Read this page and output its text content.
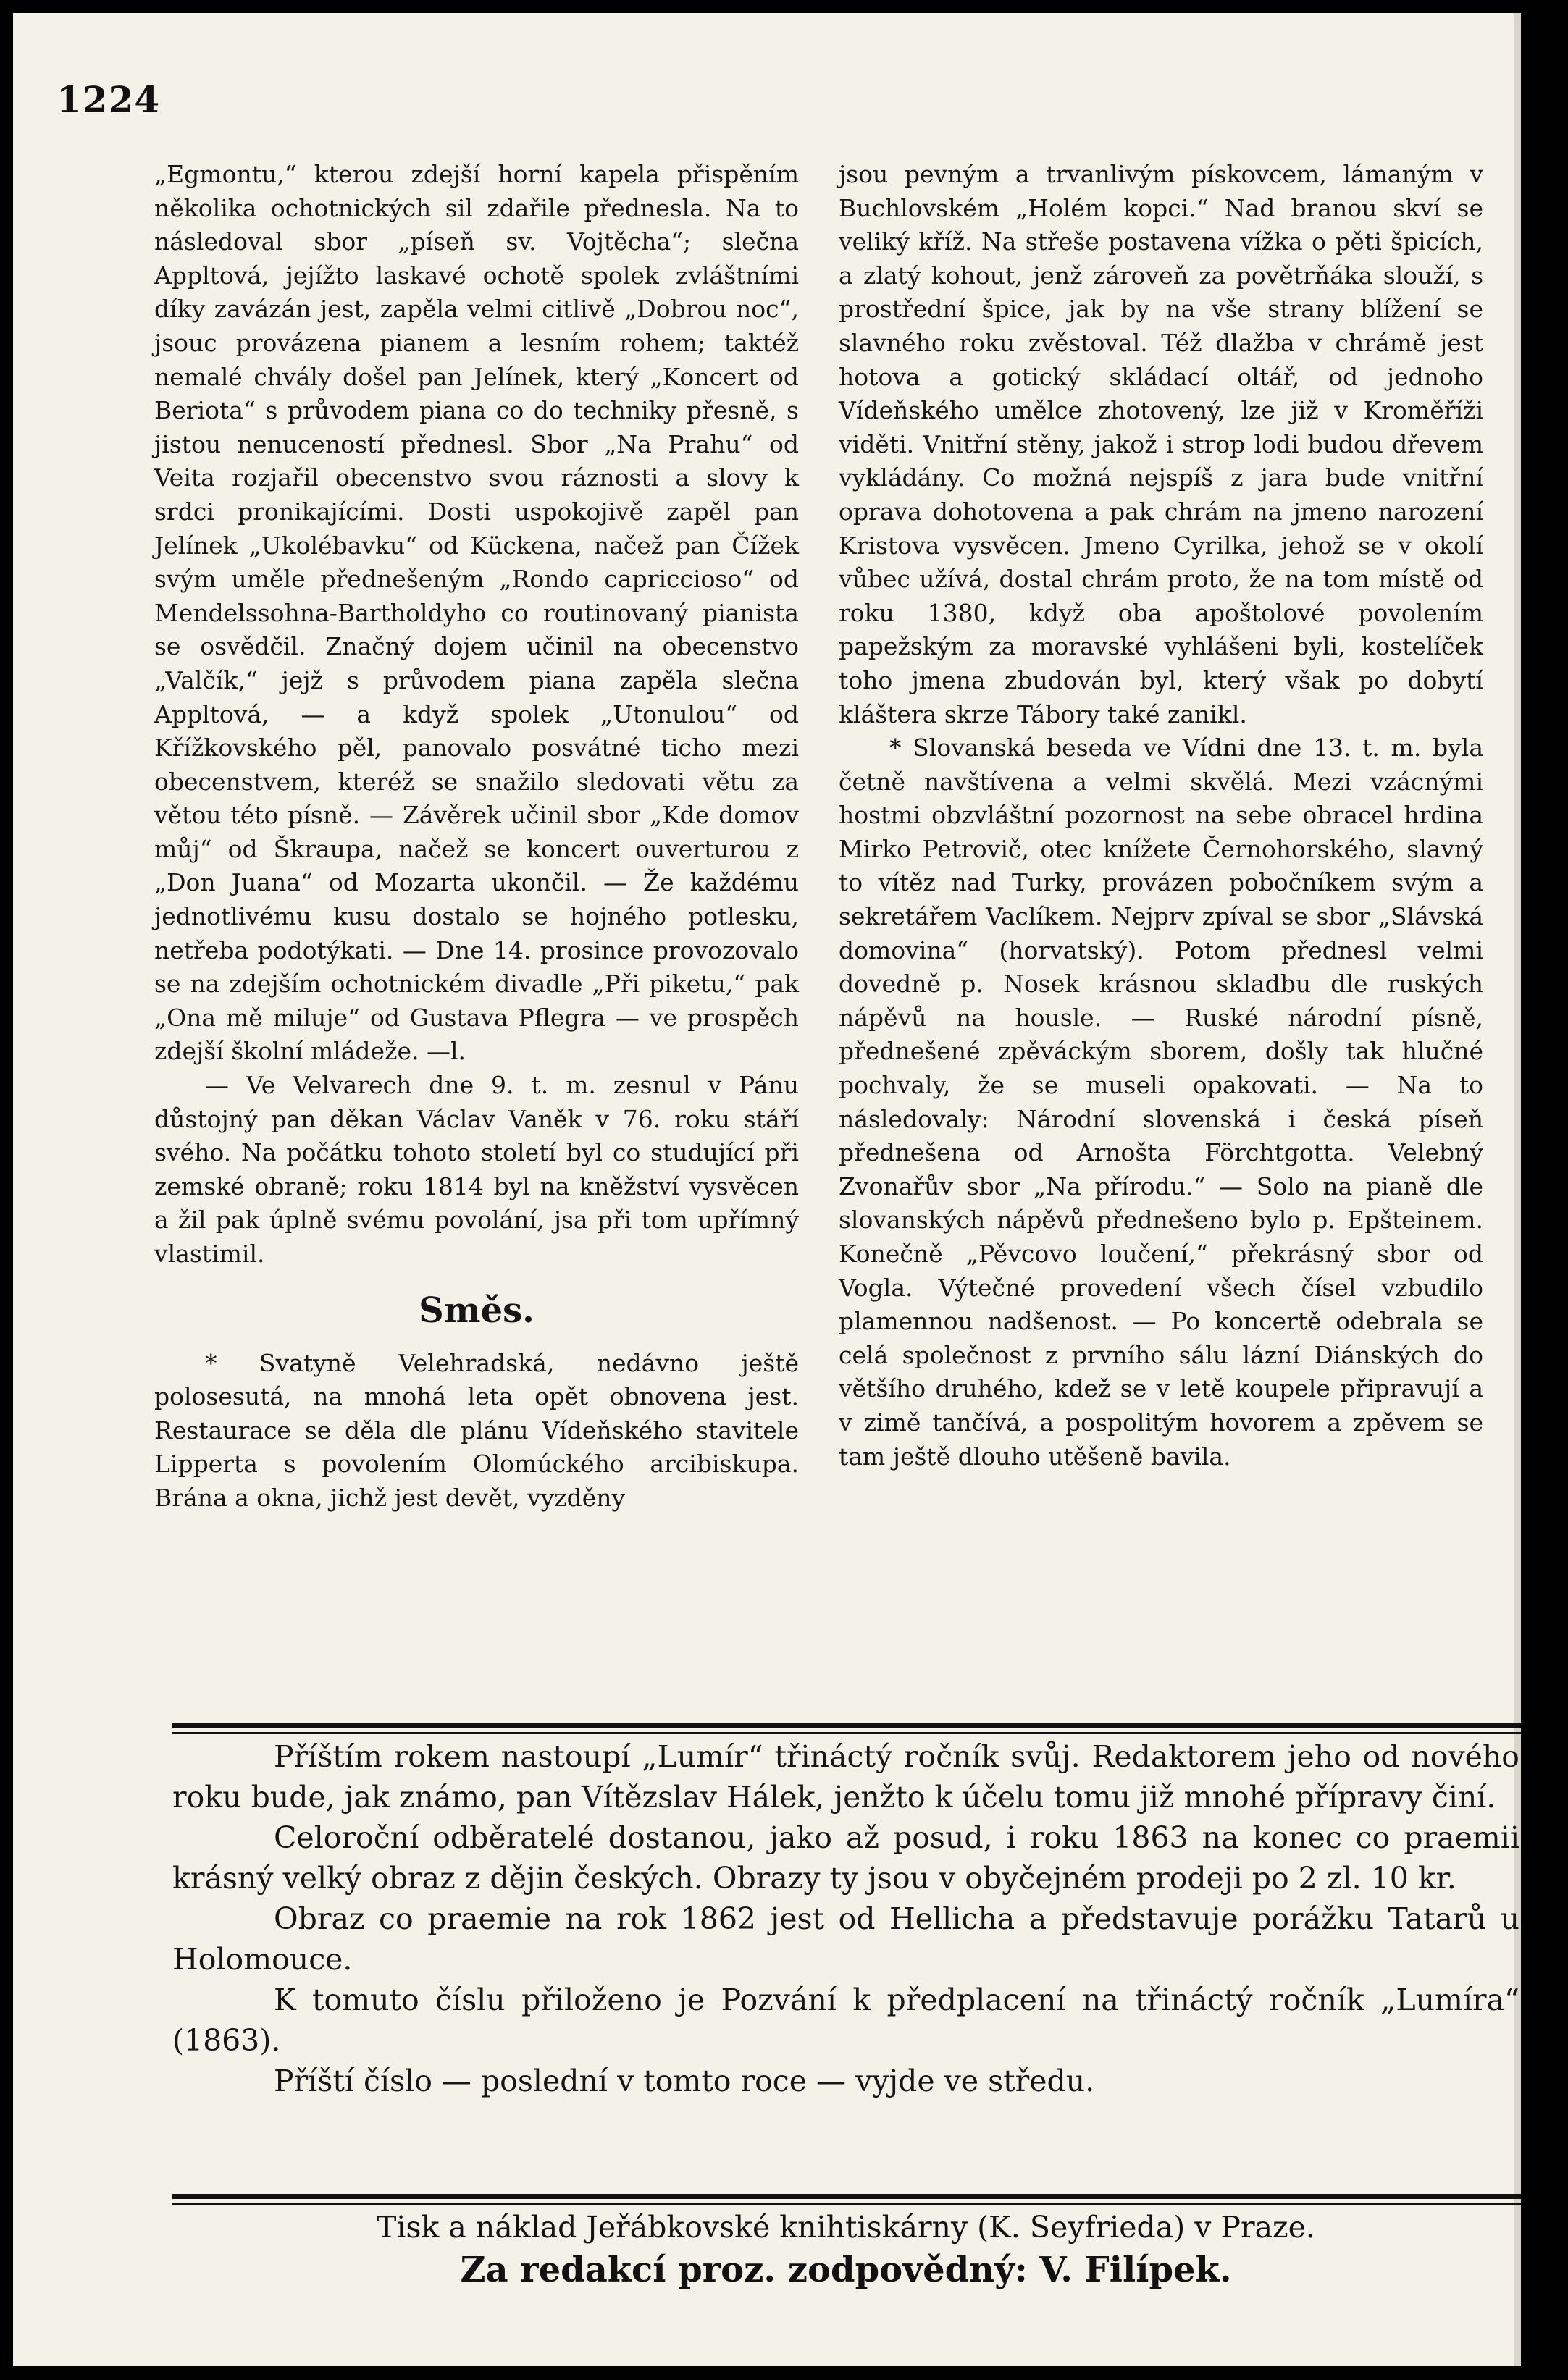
1224

„Egmontu,“ kterou zdejší horní kapela přispěním několika ochotnických sil zdařile přednesla. Na to následoval sbor „píseň sv. Vojtěcha“; slečna Appltová, jejížto laskavé ochotě spolek zvláštními díky zavázán jest, zapěla velmi citlivě „Dobrou noc“, jsouc provázena pianem a lesním rohem; taktéž nemalé chvály došel pan Jelínek, který „Koncert od Beriota“ s průvodem piana co do techniky přesně, s jistou nenuceností přednesl. Sbor „Na Prahu“ od Veita rozjařil obecenstvo svou ráznosti a slovy k srdci pronikajícími. Dosti uspokojivě zapěl pan Jelínek „Ukolébavku“ od Kückena, načež pan Čížek svým uměle přednešeným „Rondo capriccioso“ od Mendelssohna-Bartholdyho co routinovaný pianista se osvědčil. Značný dojem učinil na obecenstvo „Valčík,“ jejž s průvodem piana zapěla slečna Appltová, — a když spolek „Utonulou“ od Křížkovského pěl, panovalo posvátné ticho mezi obecenstvem, kteréž se snažilo sledovati větu za větou této písně. — Závěrek učinil sbor „Kde domov můj“ od Škraupa, načež se koncert ouverturou z „Don Juana“ od Mozarta ukončil. — Že každému jednotlivému kusu dostalo se hojného potlesku, netřeba podotýkati. — Dne 14. prosince provozovalo se na zdejším ochotnickém divadle „Při piketu,“ pak „Ona mě miluje“ od Gustava Pflegra — ve prospěch zdejší školní mládeže. —l.

— Ve Velvarech dne 9. t. m. zesnul v Pánu důstojný pan děkan Václav Vaněk v 76. roku stáří svého. Na počátku tohoto století byl co studující při zemské obraně; roku 1814 byl na kněžství vysvěcen a žil pak úplně svému povolání, jsa při tom upřímný vlastimil.

Směs.

* Svatyně Velehradská, nedávno ještě polosesutá, na mnohá leta opět obnovena jest. Restaurace se děla dle plánu Vídeňského stavitele Lipperta s povolením Olomúckého arcibiskupa. Brána a okna, jichž jest devět, vyzděny

jsou pevným a trvanlivým pískovcem, lámaným v Buchlovském „Holém kopci.“ Nad branou skví se veliký kříž. Na střeše postavena vížka o pěti špicích, a zlatý kohout, jenž zároveň za povětrňáka slouží, s prostřední špice, jak by na vše strany blížení se slavného roku zvěstoval. Též dlažba v chrámě jest hotova a gotický skládací oltář, od jednoho Vídeňského umělce zhotovený, lze již v Kroměříži viděti. Vnitřní stěny, jakož i strop lodi budou dřevem vykládány. Co možná nejspíš z jara bude vnitřní oprava dohotovena a pak chrám na jmeno narození Kristova vysvěcen. Jmeno Cyrilka, jehož se v okolí vůbec užívá, dostal chrám proto, že na tom místě od roku 1380, když oba apoštolové povolením papežským za moravské vyhlášeni byli, kostelíček toho jmena zbudován byl, který však po dobytí kláštera skrze Tábory také zanikl.

* Slovanská beseda ve Vídni dne 13. t. m. byla četně navštívena a velmi skvělá. Mezi vzácnými hostmi obzvláštní pozornost na sebe obracel hrdina Mirko Petrovič, otec knížete Černohorského, slavný to vítěz nad Turky, provázen pobočníkem svým a sekretářem Vaclíkem. Nejprv zpíval se sbor „Slávská domovina“ (horvatský). Potom přednesl velmi dovedně p. Nosek krásnou skladbu dle ruských nápěvů na housle. — Ruské národní písně, přednešené zpěváckým sborem, došly tak hlučné pochvaly, že se museli opakovati. — Na to následovaly: Národní slovenská i česká píseň přednešena od Arnošta Förchtgotta. Velebný Zvonařův sbor „Na přírodu.“ — Solo na pianě dle slovanských nápěvů přednešeno bylo p. Epšteinem. Konečně „Pěvcovo loučení,“ překrásný sbor od Vogla. Výtečné provedení všech čísel vzbudilo plamennou nadšenost. — Po koncertě odebrala se celá společnost z prvního sálu lázní Diánských do většího druhého, kdež se v letě koupele připravují a v zimě tančívá, a pospolitým hovorem a zpěvem se tam ještě dlouho utěšeně bavila.

Příštím rokem nastoupí „Lumír“ třináctý ročník svůj. Redaktorem jeho od nového roku bude, jak známo, pan Vítězslav Hálek, jenžto k účelu tomu již mnohé přípravy činí.

Celoroční odběratelé dostanou, jako až posud, i roku 1863 na konec co praemii krásný velký obraz z dějin českých. Obrazy ty jsou v obyčejném prodeji po 2 zl. 10 kr.

Obraz co praemie na rok 1862 jest od Hellicha a představuje porážku Tatarů u Holomouce.

K tomuto číslu přiloženo je Pozvání k předplacení na třináctý ročník „Lumíra“ (1863).

Příští číslo — poslední v tomto roce — vyjde ve středu.

Tisk a náklad Jeřábkovské knihtiskárny (K. Seyfrieda) v Praze.
Za redakcí proz. zodpovědný: V. Filípek.
